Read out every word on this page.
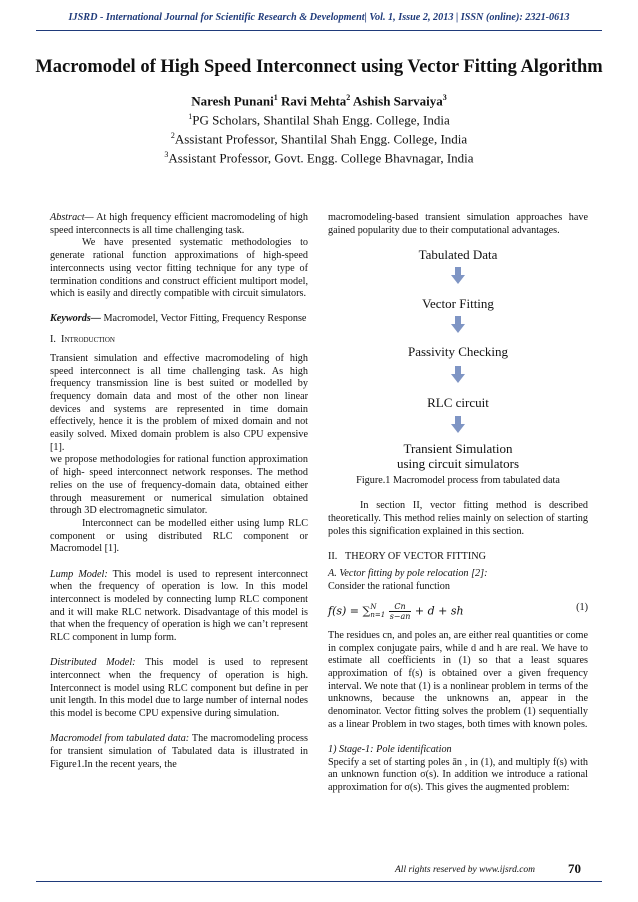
IJSRD - International Journal for Scientific Research & Development| Vol. 1, Issue 2, 2013 | ISSN (online): 2321-0613
Macromodel of High Speed Interconnect using Vector Fitting Algorithm
Naresh Punani$^1$ Ravi Mehta$^2$ Ashish Sarvaiya$^3$
$^1$PG Scholars, Shantilal Shah Engg. College, India
$^2$Assistant Professor, Shantilal Shah Engg. College, India
$^3$Assistant Professor, Govt. Engg. College Bhavnagar, India

Abstract— At high frequency efficient macromodeling of high speed interconnects is all time challenging task.

We have presented systematic methodologies to generate rational function approximations of high-speed interconnects using vector fitting technique for any type of termination conditions and construct efficient multiport model, which is easily and directly compatible with circuit simulators.

Keywords— Macromodel, Vector Fitting, Frequency Response

I. Introduction

Transient simulation and effective macromodeling of high speed interconnect is all time challenging task. As high frequency transmission line is best suited or modelled by frequency domain data and most of the other non linear devices and systems are represented in time domain effectively, hence it is the problem of mixed domain and not easily solved. Mixed domain problem is also CPU expensive [1].

we propose methodologies for rational function approximation of high- speed interconnect network responses. The method relies on the use of frequency-domain data, obtained either through measurement or numerical simulation obtained through 3D electromagnetic simulator.

Interconnect can be modelled either using lump RLC component or using distributed RLC component or Macromodel [1].

Lump Model: This model is used to represent interconnect when the frequency of operation is low. In this model interconnect is modeled by connecting lump RLC component and it will make RLC network. Disadvantage of this model is that when the frequency of operation is high we can’t represent RLC component in lump form.

Distributed Model: This model is used to represent interconnect when the frequency of operation is high. Interconnect is model using RLC component but define in per unit length. In this model due to large number of internal nodes this model is become CPU expensive during simulation.

Macromodel from tabulated data: The macromodeling process for transient simulation of Tabulated data is illustrated in Figure1.In the recent years, the

macromodeling-based transient simulation approaches have gained popularity due to their computational advantages.

Tabulated Data
Vector Fitting
Passivity Checking
RLC circuit
Transient Simulation
using circuit simulators

Figure.1 Macromodel process from tabulated data

In section II, vector fitting method is described theoretically. This method relies mainly on selection of starting poles this signification explained in this section.

II. THEORY OF VECTOR FITTING

A. Vector fitting by pole relocation [2]:

Consider the rational function

f(s) = ∑ N
n=1
$\frac{Cn}{s-an} + d$ + sh	(1)

The residues cn, and poles an, are either real quantities or come in complex conjugate pairs, while d and h are real. We have to estimate all coefficients in (1) so that a least squares approximation of f(s) is obtained over a given frequency interval. We note that (1) is a nonlinear problem in terms of the unknowns, because the unknowns an, appear in the denominator. Vector fitting solves the problem (1) sequentially as a linear Problem in two stages, both times with known poles.

1) Stage-1: Pole identification

Specify a set of starting poles ān , in (1), and multiply f(s) with an unknown function σ(s). In addition we introduce a rational approximation for σ(s). This gives the augmented problem:

All rights reserved by www.ijsrd.com	70
